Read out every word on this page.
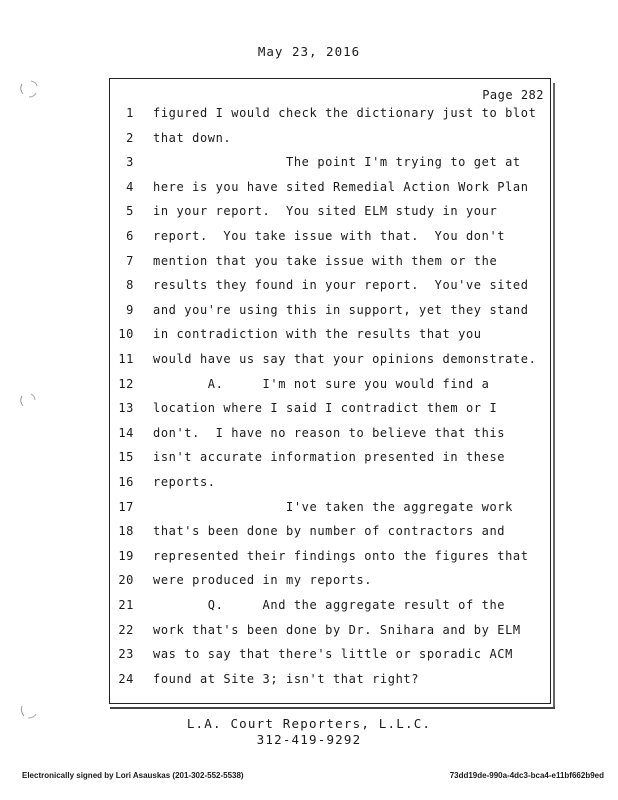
May 23, 2016
Page 282
1 figured I would check the dictionary just to blot
2 that down.
3 The point I'm trying to get at
4 here is you have sited Remedial Action Work Plan
5 in your report.  You sited ELM study in your
6 report.  You take issue with that.  You don't
7 mention that you take issue with them or the
8 results they found in your report.  You've sited
9 and you're using this in support, yet they stand
10 in contradiction with the results that you
11 would have us say that your opinions demonstrate.
12 A.     I'm not sure you would find a
13 location where I said I contradict them or I
14 don't.  I have no reason to believe that this
15 isn't accurate information presented in these
16 reports.
17 I've taken the aggregate work
18 that's been done by number of contractors and
19 represented their findings onto the figures that
20 were produced in my reports.
21 Q.     And the aggregate result of the
22 work that's been done by Dr. Snihara and by ELM
23 was to say that there's little or sporadic ACM
24 found at Site 3; isn't that right?
L.A. Court Reporters, L.L.C.
312-419-9292
Electronically signed by Lori Asauskas (201-302-552-5538)	73dd19de-990a-4dc3-bca4-e11bf662b9ed
